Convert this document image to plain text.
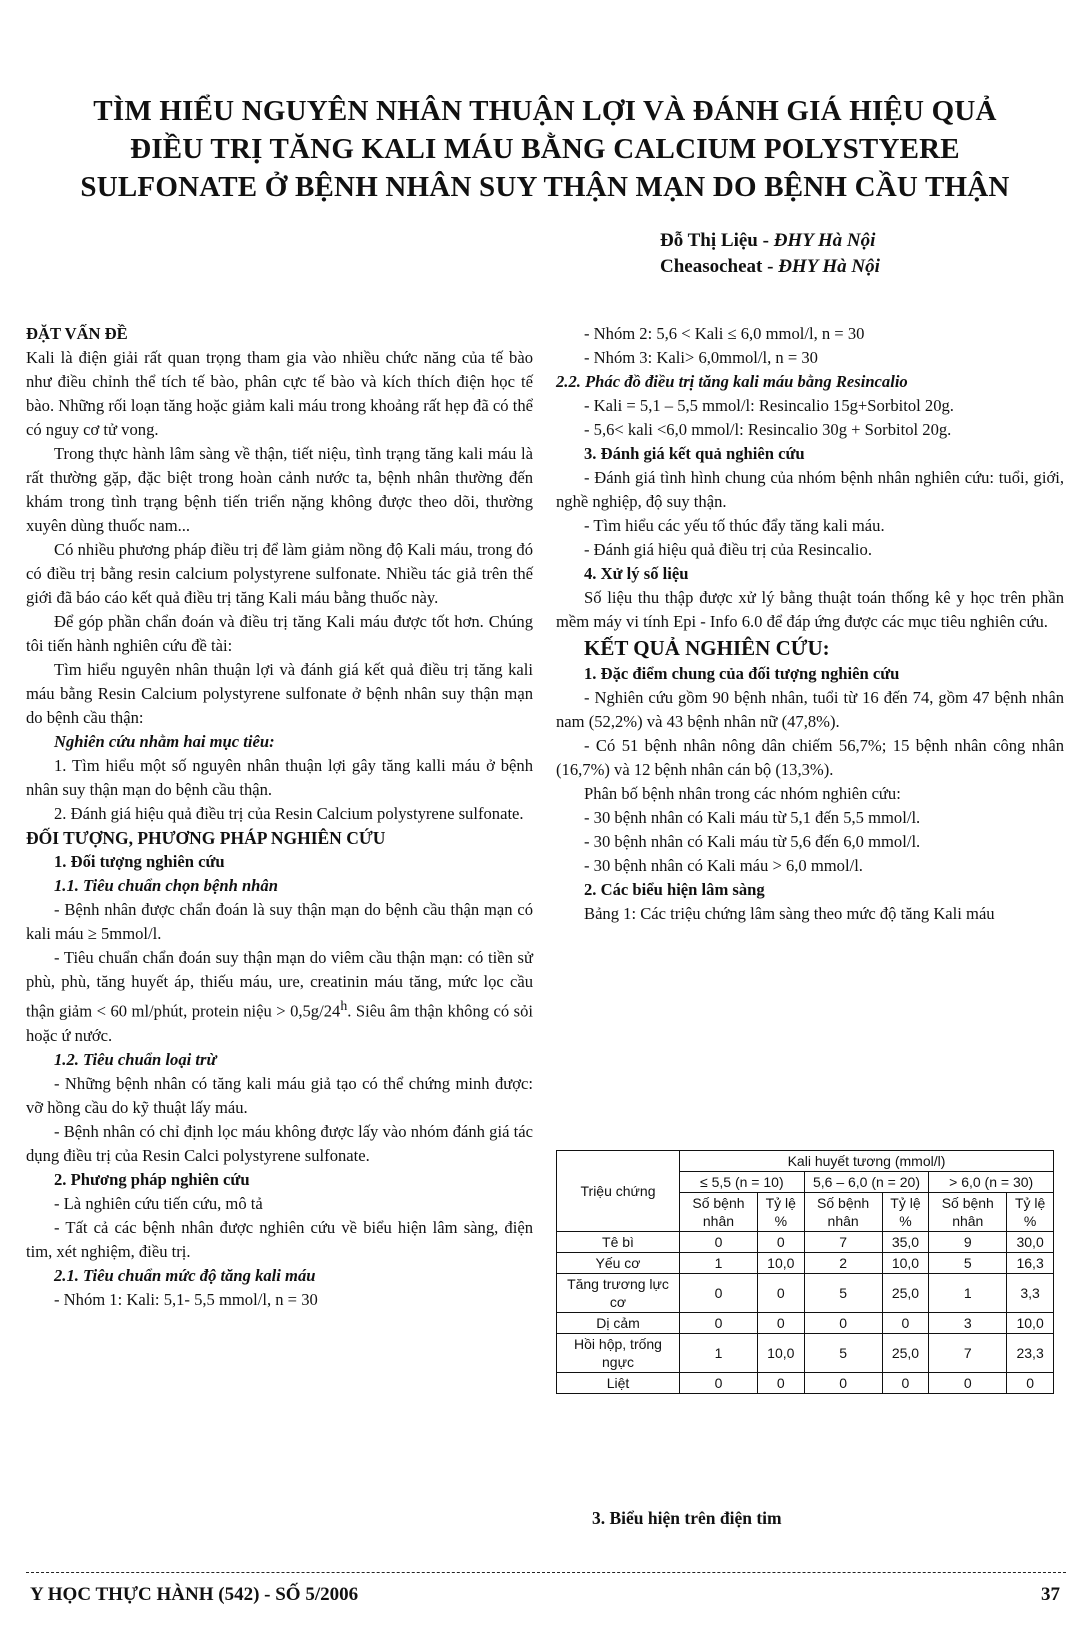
TÌM HIỂU NGUYÊN NHÂN THUẬN LỢI VÀ ĐÁNH GIÁ HIỆU QUẢ
ĐIỀU TRỊ TĂNG KALI MÁU BẰNG CALCIUM POLYSTYERE
SULFONATE Ở BỆNH NHÂN SUY THẬN MẠN DO BỆNH CẦU THẬN
Đỗ Thị Liệu - ĐHY Hà Nội
Cheasocheat - ĐHY Hà Nội

ĐẶT VẤN ĐỀ

Kali là điện giải rất quan trọng tham gia vào nhiều chức năng của tế bào như điều chỉnh thể tích tế bào, phân cực tế bào và kích thích điện học tế bào. Những rối loạn tăng hoặc giảm kali máu trong khoảng rất hẹp đã có thể có nguy cơ tử vong.

Trong thực hành lâm sàng về thận, tiết niệu, tình trạng tăng kali máu là rất thường gặp, đặc biệt trong hoàn cảnh nước ta, bệnh nhân thường đến khám trong tình trạng bệnh tiến triển nặng không được theo dõi, thường xuyên dùng thuốc nam...

Có nhiều phương pháp điều trị để làm giảm nồng độ Kali máu, trong đó có điều trị bằng resin calcium polystyrene sulfonate. Nhiều tác giả trên thế giới đã báo cáo kết quả điều trị tăng Kali máu bằng thuốc này.

Để góp phần chẩn đoán và điều trị tăng Kali máu được tốt hơn. Chúng tôi tiến hành nghiên cứu đề tài:

Tìm hiểu nguyên nhân thuận lợi và đánh giá kết quả điều trị tăng kali máu bằng Resin Calcium polystyrene sulfonate ở bệnh nhân suy thận mạn do bệnh cầu thận:

Nghiên cứu nhằm hai mục tiêu:

1. Tìm hiểu một số nguyên nhân thuận lợi gây tăng kalli máu ở bệnh nhân suy thận mạn do bệnh cầu thận.

2. Đánh giá hiệu quả điều trị của Resin Calcium polystyrene sulfonate.

ĐỐI TƯỢNG, PHƯƠNG PHÁP NGHIÊN CỨU

1. Đối tượng nghiên cứu

1.1. Tiêu chuẩn chọn bệnh nhân

- Bệnh nhân được chẩn đoán là suy thận mạn do bệnh cầu thận mạn có kali máu ≥ 5mmol/l.

- Tiêu chuẩn chẩn đoán suy thận mạn do viêm cầu thận mạn: có tiền sử phù, phù, tăng huyết áp, thiếu máu, ure, creatinin máu tăng, mức lọc cầu thận giảm < 60 ml/phút, protein niệu > $0,5g/24^h$. Siêu âm thận không có sỏi hoặc ứ nước.

1.2. Tiêu chuẩn loại trừ

- Những bệnh nhân có tăng kali máu giả tạo có thể chứng minh được: vỡ hồng cầu do kỹ thuật lấy máu.

- Bệnh nhân có chỉ định lọc máu không được lấy vào nhóm đánh giá tác dụng điều trị của Resin Calci polystyrene sulfonate.

2. Phương pháp nghiên cứu

- Là nghiên cứu tiến cứu, mô tả

- Tất cả các bệnh nhân được nghiên cứu về biểu hiện lâm sàng, điện tim, xét nghiệm, điều trị.

2.1. Tiêu chuẩn mức độ tăng kali máu

- Nhóm 1: Kali: 5,1- 5,5 mmol/l, n = 30

- Nhóm 2: 5,6 < Kali ≤ 6,0 mmol/l, n = 30

- Nhóm 3: Kali> 6,0mmol/l, n = 30

2.2. Phác đồ điều trị tăng kali máu bằng Resincalio

- Kali = 5,1 – 5,5 mmol/l: Resincalio 15g+Sorbitol 20g.

- 5,6< kali <6,0 mmol/l: Resincalio 30g + Sorbitol 20g.

3. Đánh giá kết quả nghiên cứu

- Đánh giá tình hình chung của nhóm bệnh nhân nghiên cứu: tuổi, giới, nghề nghiệp, độ suy thận.

- Tìm hiểu các yếu tố thúc đẩy tăng kali máu.

- Đánh giá hiệu quả điều trị của Resincalio.

4. Xử lý số liệu

Số liệu thu thập được xử lý bằng thuật toán thống kê y học trên phần mềm máy vi tính Epi - Info 6.0 để đáp ứng được các mục tiêu nghiên cứu.

KẾT QUẢ NGHIÊN CỨU:

1. Đặc điểm chung của đối tượng nghiên cứu

- Nghiên cứu gồm 90 bệnh nhân, tuổi từ 16 đến 74, gồm 47 bệnh nhân nam (52,2%) và 43 bệnh nhân nữ (47,8%).

- Có 51 bệnh nhân nông dân chiếm 56,7%; 15 bệnh nhân công nhân (16,7%) và 12 bệnh nhân cán bộ (13,3%).

Phân bố bệnh nhân trong các nhóm nghiên cứu:

- 30 bệnh nhân có Kali máu từ 5,1 đến 5,5 mmol/l.

- 30 bệnh nhân có Kali máu từ 5,6 đến 6,0 mmol/l.

- 30 bệnh nhân có Kali máu > 6,0 mmol/l.

2. Các biểu hiện lâm sàng

Bảng 1: Các triệu chứng lâm sàng theo mức độ tăng Kali máu

Triệu chứng	Kali huyết tương (mmol/l)					
	≤ 5,5 (n = 10)		5,6 – 6,0 (n = 20)		> 6,0 (n = 30)	
	Số bệnh nhân	Tỷ lệ %	Số bệnh nhân	Tỷ lệ %	Số bệnh nhân	Tỷ lệ %
Tê bì	0	0	7	35,0	9	30,0
Yếu cơ	1	10,0	2	10,0	5	16,3
Tăng trương lực cơ	0	0	5	25,0	1	3,3
Dị cảm	0	0	0	0	3	10,0
Hồi hộp, trống ngực	1	10,0	5	25,0	7	23,3
Liệt	0	0	0	0	0	0
3. Biểu hiện trên điện tim
Y HỌC THỰC HÀNH (542) - SỐ 5/2006	37
